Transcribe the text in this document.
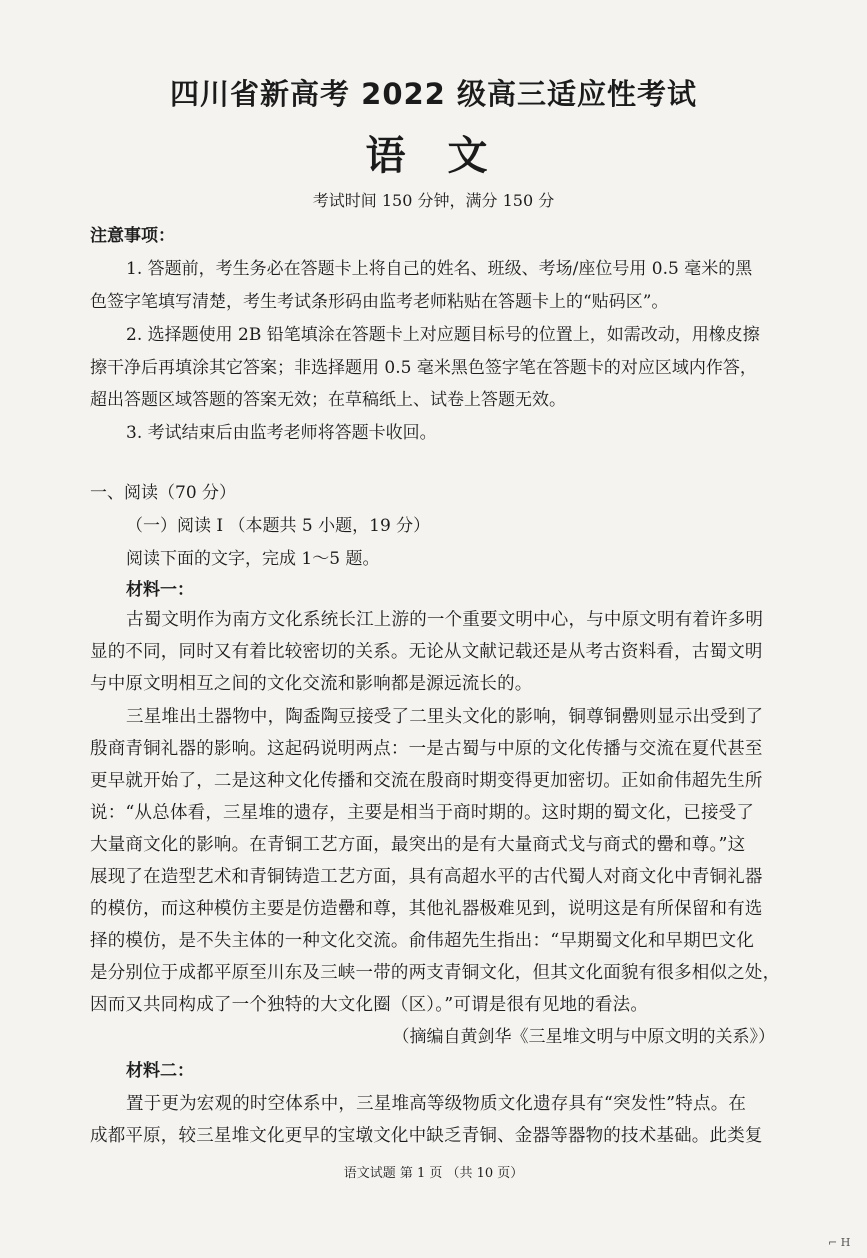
四川省新高考 2022 级高三适应性考试
语 文
考试时间 150 分钟，满分 150 分
注意事项：
1. 答题前，考生务必在答题卡上将自己的姓名、班级、考场/座位号用 0.5 毫米的黑
色签字笔填写清楚，考生考试条形码由监考老师粘贴在答题卡上的“贴码区”。
2. 选择题使用 2B 铅笔填涂在答题卡上对应题目标号的位置上，如需改动，用橡皮擦
擦干净后再填涂其它答案；非选择题用 0.5 毫米黑色签字笔在答题卡的对应区域内作答，
超出答题区域答题的答案无效；在草稿纸上、试卷上答题无效。
3. 考试结束后由监考老师将答题卡收回。
一、阅读（70 分）
（一）阅读 I （本题共 5 小题，19 分）
阅读下面的文字，完成 1～5 题。
材料一：
古蜀文明作为南方文化系统长江上游的一个重要文明中心，与中原文明有着许多明
显的不同，同时又有着比较密切的关系。无论从文献记载还是从考古资料看，古蜀文明
与中原文明相互之间的文化交流和影响都是源远流长的。
三星堆出土器物中，陶盉陶豆接受了二里头文化的影响，铜尊铜罍则显示出受到了
殷商青铜礼器的影响。这起码说明两点：一是古蜀与中原的文化传播与交流在夏代甚至
更早就开始了，二是这种文化传播和交流在殷商时期变得更加密切。正如俞伟超先生所
说：“从总体看，三星堆的遗存，主要是相当于商时期的。这时期的蜀文化，已接受了
大量商文化的影响。在青铜工艺方面，最突出的是有大量商式戈与商式的罍和尊。”这
展现了在造型艺术和青铜铸造工艺方面，具有高超水平的古代蜀人对商文化中青铜礼器
的模仿，而这种模仿主要是仿造罍和尊，其他礼器极难见到，说明这是有所保留和有选
择的模仿，是不失主体的一种文化交流。俞伟超先生指出：“早期蜀文化和早期巴文化
是分别位于成都平原至川东及三峡一带的两支青铜文化，但其文化面貌有很多相似之处，
因而又共同构成了一个独特的大文化圈（区）。”可谓是很有见地的看法。
（摘编自黄剑华《三星堆文明与中原文明的关系》）
材料二：
置于更为宏观的时空体系中，三星堆高等级物质文化遗存具有“突发性”特点。在
成都平原，较三星堆文化更早的宝墩文化中缺乏青铜、金器等器物的技术基础。此类复
语文试题 第 1 页 （共 10 页）
⌐ H
